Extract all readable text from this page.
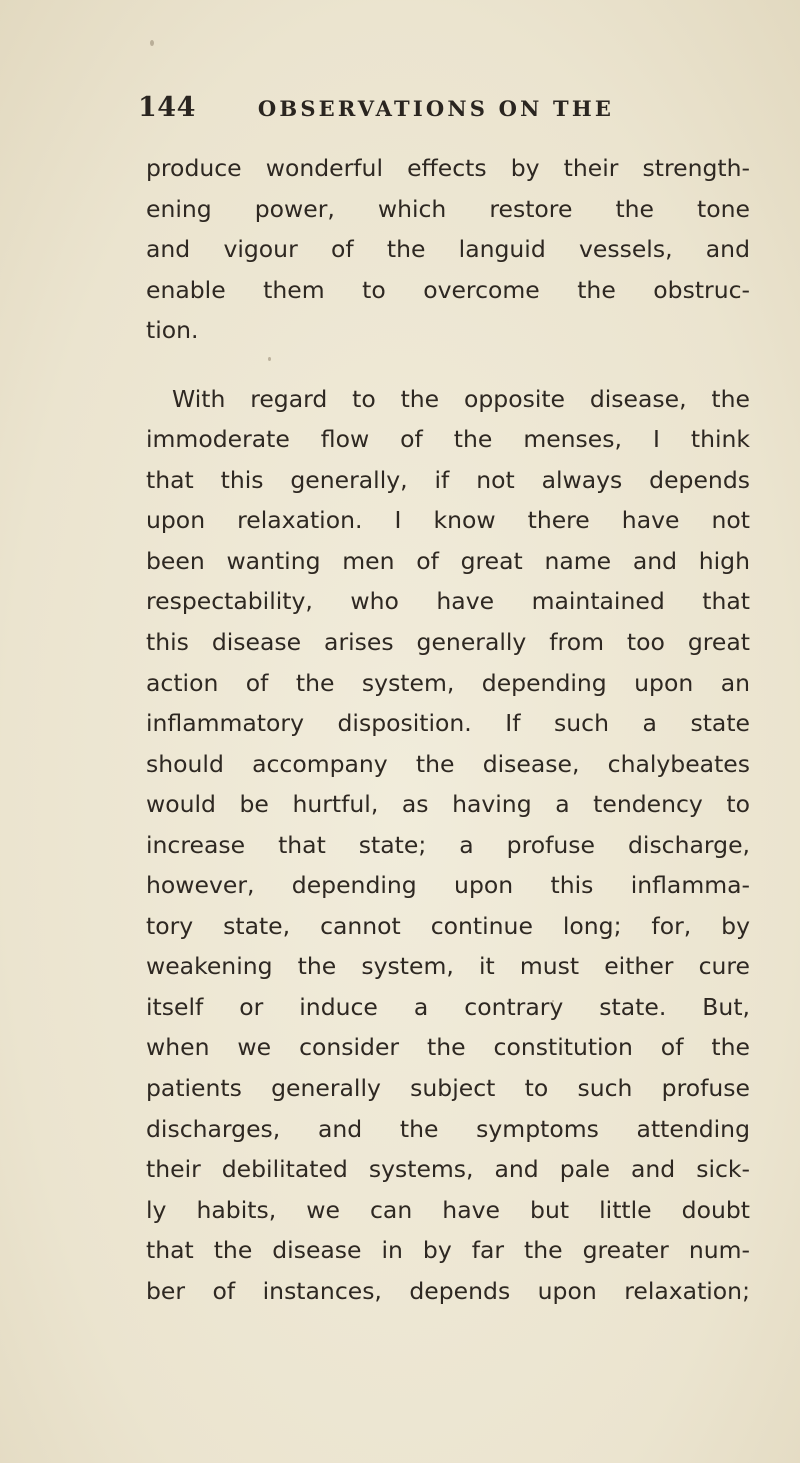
144	OBSERVATIONS ON THE
produce wonderful effects by their strength-
ening power, which restore the tone
and vigour of the languid vessels, and
enable them to overcome the obstruc-
tion.
With regard to the opposite disease, the
immoderate flow of the menses, I think
that this generally, if not always depends
upon relaxation. I know there have not
been wanting men of great name and high
respectability, who have maintained that
this disease arises generally from too great
action of the system, depending upon an
inflammatory disposition. If such a state
should accompany the disease, chalybeates
would be hurtful, as having a tendency to
increase that state; a profuse discharge,
however, depending upon this inflamma-
tory state, cannot continue long; for, by
weakening the system, it must either cure
itself or induce a contrary state. But,
when we consider the constitution of the
patients generally subject to such profuse
discharges, and the symptoms attending
their debilitated systems, and pale and sick-
ly habits, we can have but little doubt
that the disease in by far the greater num-
ber of instances, depends upon relaxation;
